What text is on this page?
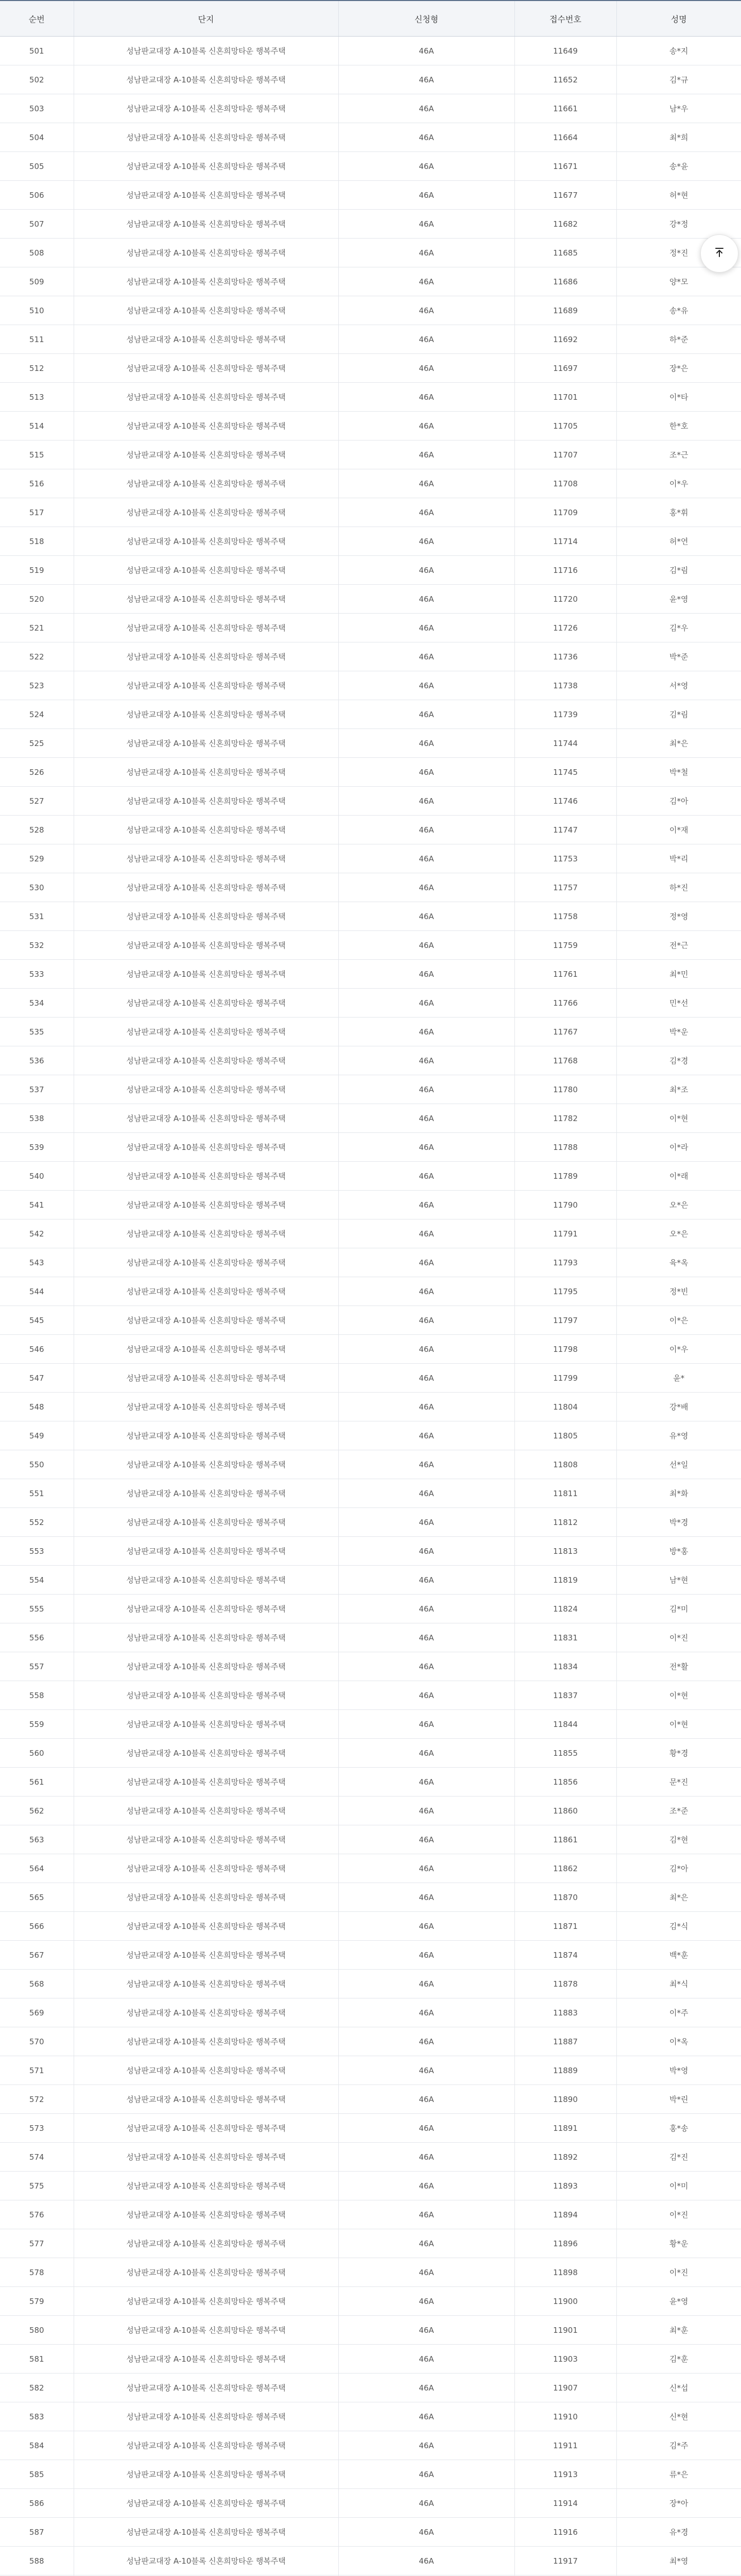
순번	단지	신청형	접수번호	성명
501	성남판교대장 A-10블록 신혼희망타운 행복주택	46A	11649	송*지
502	성남판교대장 A-10블록 신혼희망타운 행복주택	46A	11652	김*규
503	성남판교대장 A-10블록 신혼희망타운 행복주택	46A	11661	남*우
504	성남판교대장 A-10블록 신혼희망타운 행복주택	46A	11664	최*희
505	성남판교대장 A-10블록 신혼희망타운 행복주택	46A	11671	송*윤
506	성남판교대장 A-10블록 신혼희망타운 행복주택	46A	11677	허*현
507	성남판교대장 A-10블록 신혼희망타운 행복주택	46A	11682	강*정
508	성남판교대장 A-10블록 신혼희망타운 행복주택	46A	11685	정*진
509	성남판교대장 A-10블록 신혼희망타운 행복주택	46A	11686	양*모
510	성남판교대장 A-10블록 신혼희망타운 행복주택	46A	11689	송*유
511	성남판교대장 A-10블록 신혼희망타운 행복주택	46A	11692	하*준
512	성남판교대장 A-10블록 신혼희망타운 행복주택	46A	11697	장*은
513	성남판교대장 A-10블록 신혼희망타운 행복주택	46A	11701	이*타
514	성남판교대장 A-10블록 신혼희망타운 행복주택	46A	11705	한*호
515	성남판교대장 A-10블록 신혼희망타운 행복주택	46A	11707	조*근
516	성남판교대장 A-10블록 신혼희망타운 행복주택	46A	11708	이*우
517	성남판교대장 A-10블록 신혼희망타운 행복주택	46A	11709	홍*휘
518	성남판교대장 A-10블록 신혼희망타운 행복주택	46A	11714	허*연
519	성남판교대장 A-10블록 신혼희망타운 행복주택	46A	11716	김*림
520	성남판교대장 A-10블록 신혼희망타운 행복주택	46A	11720	윤*영
521	성남판교대장 A-10블록 신혼희망타운 행복주택	46A	11726	김*우
522	성남판교대장 A-10블록 신혼희망타운 행복주택	46A	11736	박*준
523	성남판교대장 A-10블록 신혼희망타운 행복주택	46A	11738	서*영
524	성남판교대장 A-10블록 신혼희망타운 행복주택	46A	11739	김*림
525	성남판교대장 A-10블록 신혼희망타운 행복주택	46A	11744	최*은
526	성남판교대장 A-10블록 신혼희망타운 행복주택	46A	11745	박*철
527	성남판교대장 A-10블록 신혼희망타운 행복주택	46A	11746	김*아
528	성남판교대장 A-10블록 신혼희망타운 행복주택	46A	11747	이*재
529	성남판교대장 A-10블록 신혼희망타운 행복주택	46A	11753	박*리
530	성남판교대장 A-10블록 신혼희망타운 행복주택	46A	11757	하*진
531	성남판교대장 A-10블록 신혼희망타운 행복주택	46A	11758	정*영
532	성남판교대장 A-10블록 신혼희망타운 행복주택	46A	11759	전*근
533	성남판교대장 A-10블록 신혼희망타운 행복주택	46A	11761	최*민
534	성남판교대장 A-10블록 신혼희망타운 행복주택	46A	11766	민*선
535	성남판교대장 A-10블록 신혼희망타운 행복주택	46A	11767	박*운
536	성남판교대장 A-10블록 신혼희망타운 행복주택	46A	11768	김*경
537	성남판교대장 A-10블록 신혼희망타운 행복주택	46A	11780	최*조
538	성남판교대장 A-10블록 신혼희망타운 행복주택	46A	11782	이*현
539	성남판교대장 A-10블록 신혼희망타운 행복주택	46A	11788	이*라
540	성남판교대장 A-10블록 신혼희망타운 행복주택	46A	11789	이*래
541	성남판교대장 A-10블록 신혼희망타운 행복주택	46A	11790	오*은
542	성남판교대장 A-10블록 신혼희망타운 행복주택	46A	11791	오*은
543	성남판교대장 A-10블록 신혼희망타운 행복주택	46A	11793	육*옥
544	성남판교대장 A-10블록 신혼희망타운 행복주택	46A	11795	정*빈
545	성남판교대장 A-10블록 신혼희망타운 행복주택	46A	11797	이*은
546	성남판교대장 A-10블록 신혼희망타운 행복주택	46A	11798	이*우
547	성남판교대장 A-10블록 신혼희망타운 행복주택	46A	11799	윤*
548	성남판교대장 A-10블록 신혼희망타운 행복주택	46A	11804	강*배
549	성남판교대장 A-10블록 신혼희망타운 행복주택	46A	11805	유*영
550	성남판교대장 A-10블록 신혼희망타운 행복주택	46A	11808	선*일
551	성남판교대장 A-10블록 신혼희망타운 행복주택	46A	11811	최*화
552	성남판교대장 A-10블록 신혼희망타운 행복주택	46A	11812	박*경
553	성남판교대장 A-10블록 신혼희망타운 행복주택	46A	11813	방*홍
554	성남판교대장 A-10블록 신혼희망타운 행복주택	46A	11819	남*현
555	성남판교대장 A-10블록 신혼희망타운 행복주택	46A	11824	김*미
556	성남판교대장 A-10블록 신혼희망타운 행복주택	46A	11831	이*진
557	성남판교대장 A-10블록 신혼희망타운 행복주택	46A	11834	전*활
558	성남판교대장 A-10블록 신혼희망타운 행복주택	46A	11837	이*현
559	성남판교대장 A-10블록 신혼희망타운 행복주택	46A	11844	이*현
560	성남판교대장 A-10블록 신혼희망타운 행복주택	46A	11855	황*경
561	성남판교대장 A-10블록 신혼희망타운 행복주택	46A	11856	문*진
562	성남판교대장 A-10블록 신혼희망타운 행복주택	46A	11860	조*준
563	성남판교대장 A-10블록 신혼희망타운 행복주택	46A	11861	김*현
564	성남판교대장 A-10블록 신혼희망타운 행복주택	46A	11862	김*아
565	성남판교대장 A-10블록 신혼희망타운 행복주택	46A	11870	최*은
566	성남판교대장 A-10블록 신혼희망타운 행복주택	46A	11871	김*식
567	성남판교대장 A-10블록 신혼희망타운 행복주택	46A	11874	백*훈
568	성남판교대장 A-10블록 신혼희망타운 행복주택	46A	11878	최*식
569	성남판교대장 A-10블록 신혼희망타운 행복주택	46A	11883	이*주
570	성남판교대장 A-10블록 신혼희망타운 행복주택	46A	11887	이*옥
571	성남판교대장 A-10블록 신혼희망타운 행복주택	46A	11889	박*영
572	성남판교대장 A-10블록 신혼희망타운 행복주택	46A	11890	박*린
573	성남판교대장 A-10블록 신혼희망타운 행복주택	46A	11891	홍*송
574	성남판교대장 A-10블록 신혼희망타운 행복주택	46A	11892	김*진
575	성남판교대장 A-10블록 신혼희망타운 행복주택	46A	11893	이*미
576	성남판교대장 A-10블록 신혼희망타운 행복주택	46A	11894	이*진
577	성남판교대장 A-10블록 신혼희망타운 행복주택	46A	11896	황*운
578	성남판교대장 A-10블록 신혼희망타운 행복주택	46A	11898	이*진
579	성남판교대장 A-10블록 신혼희망타운 행복주택	46A	11900	윤*영
580	성남판교대장 A-10블록 신혼희망타운 행복주택	46A	11901	최*훈
581	성남판교대장 A-10블록 신혼희망타운 행복주택	46A	11903	김*훈
582	성남판교대장 A-10블록 신혼희망타운 행복주택	46A	11907	신*섭
583	성남판교대장 A-10블록 신혼희망타운 행복주택	46A	11910	신*현
584	성남판교대장 A-10블록 신혼희망타운 행복주택	46A	11911	김*주
585	성남판교대장 A-10블록 신혼희망타운 행복주택	46A	11913	류*은
586	성남판교대장 A-10블록 신혼희망타운 행복주택	46A	11914	장*아
587	성남판교대장 A-10블록 신혼희망타운 행복주택	46A	11916	유*경
588	성남판교대장 A-10블록 신혼희망타운 행복주택	46A	11917	최*영
